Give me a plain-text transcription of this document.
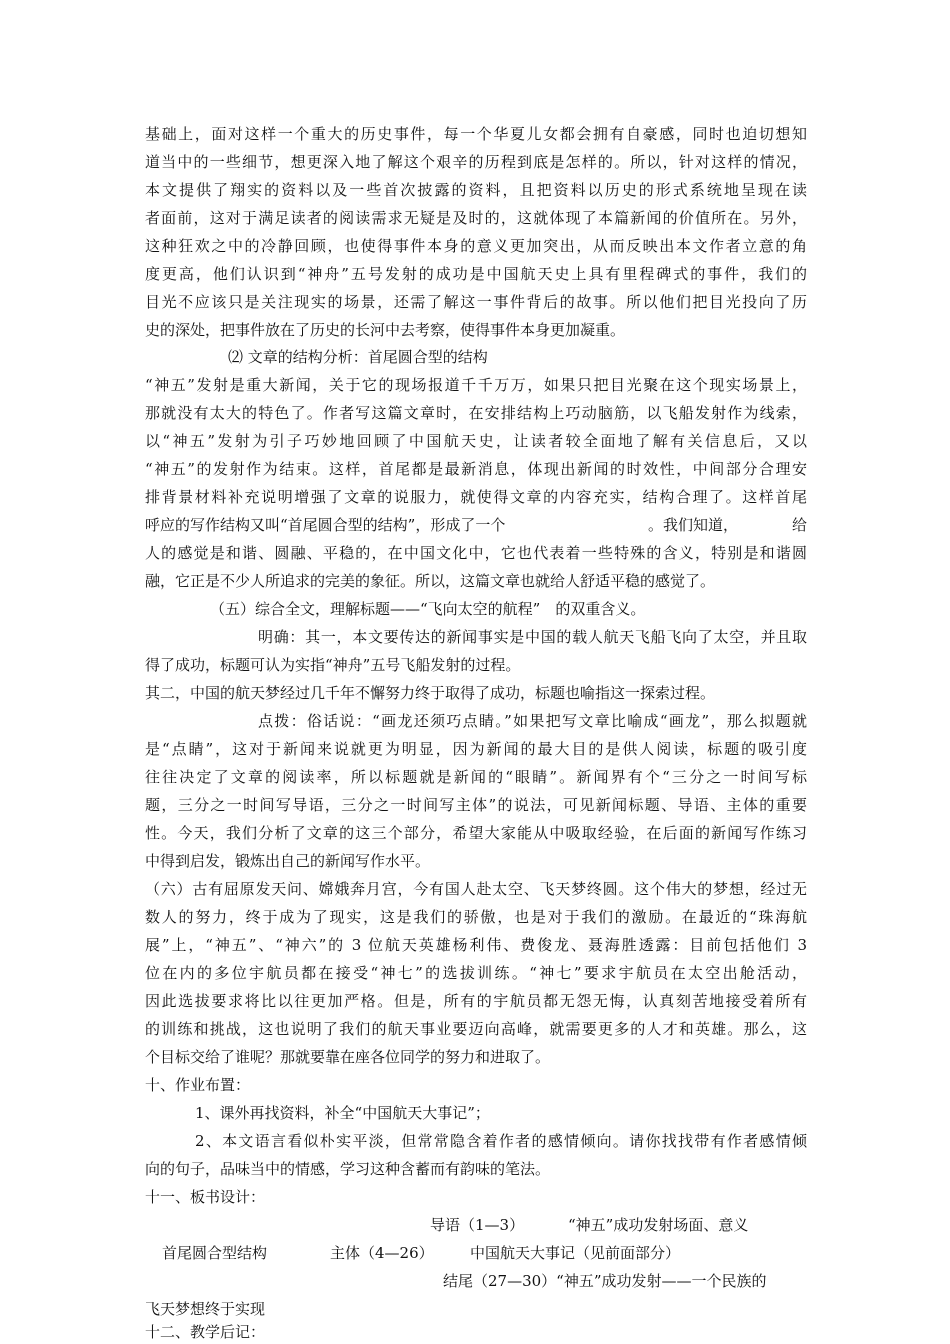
基础上，面对这样一个重大的历史事件，每一个华夏儿女都会拥有自豪感，同时也迫切想知
道当中的一些细节，想更深入地了解这个艰辛的历程到底是怎样的。所以，针对这样的情况，
本文提供了翔实的资料以及一些首次披露的资料，且把资料以历史的形式系统地呈现在读
者面前，这对于满足读者的阅读需求无疑是及时的，这就体现了本篇新闻的价值所在。另外，
这种狂欢之中的冷静回顾，也使得事件本身的意义更加突出，从而反映出本文作者立意的角
度更高，他们认识到“神舟”五号发射的成功是中国航天史上具有里程碑式的事件，我们的
目光不应该只是关注现实的场景，还需了解这一事件背后的故事。所以他们把目光投向了历
史的深处，把事件放在了历史的长河中去考察，使得事件本身更加凝重。
⑵ 文章的结构分析：首尾圆合型的结构
“神五”发射是重大新闻，关于它的现场报道千千万万，如果只把目光聚在这个现实场景上，
那就没有太大的特色了。作者写这篇文章时，在安排结构上巧动脑筋，以飞船发射作为线索，
以“神五”发射为引子巧妙地回顾了中国航天史，让读者较全面地了解有关信息后，又以
“神五”的发射作为结束。这样，首尾都是最新消息，体现出新闻的时效性，中间部分合理安
排背景材料补充说明增强了文章的说服力，就使得文章的内容充实，结构合理了。这样首尾
呼应的写作结构又叫“首尾圆合型的结构”，形成了一个	。我们知道，	给
人的感觉是和谐、圆融、平稳的，在中国文化中，它也代表着一些特殊的含义，特别是和谐圆
融，它正是不少人所追求的完美的象征。所以，这篇文章也就给人舒适平稳的感觉了。
（五）综合全文，理解标题——“飞向太空的航程”　的双重含义。
明确：其一，本文要传达的新闻事实是中国的载人航天飞船飞向了太空，并且取
得了成功，标题可认为实指“神舟”五号飞船发射的过程。
其二，中国的航天梦经过几千年不懈努力终于取得了成功，标题也喻指这一探索过程。
点拨：俗话说：“画龙还须巧点睛。”如果把写文章比喻成“画龙”，那么拟题就
是“点睛”，这对于新闻来说就更为明显，因为新闻的最大目的是供人阅读，标题的吸引度
往往决定了文章的阅读率，所以标题就是新闻的“眼睛”。新闻界有个“三分之一时间写标
题，三分之一时间写导语，三分之一时间写主体”的说法，可见新闻标题、导语、主体的重要
性。今天，我们分析了文章的这三个部分，希望大家能从中吸取经验，在后面的新闻写作练习
中得到启发，锻炼出自己的新闻写作水平。
（六）古有屈原发天问、嫦娥奔月宫，今有国人赴太空、飞天梦终圆。这个伟大的梦想，经过无
数人的努力，终于成为了现实，这是我们的骄傲，也是对于我们的激励。在最近的“珠海航
展”上，“神五”、“神六”的 3 位航天英雄杨利伟、费俊龙、聂海胜透露：目前包括他们 3
位在内的多位宇航员都在接受“神七”的选拔训练。“神七”要求宇航员在太空出舱活动，
因此选拔要求将比以往更加严格。但是，所有的宇航员都无怨无悔，认真刻苦地接受着所有
的训练和挑战，这也说明了我们的航天事业要迈向高峰，就需要更多的人才和英雄。那么，这
个目标交给了谁呢？那就要靠在座各位同学的努力和进取了。
十、作业布置：
1、课外再找资料，补全“中国航天大事记”；
2、本文语言看似朴实平淡，但常常隐含着作者的感情倾向。请你找找带有作者感情倾
向的句子，品味当中的情感，学习这种含蓄而有韵味的笔法。
十一、板书设计：
导语（1—3）	“神五”成功发射场面、意义
首尾圆合型结构	主体（4—26） 中国航天大事记（见前面部分）
结尾（27—30）“神五”成功发射——一个民族的
飞天梦想终于实现
十二、教学后记：
